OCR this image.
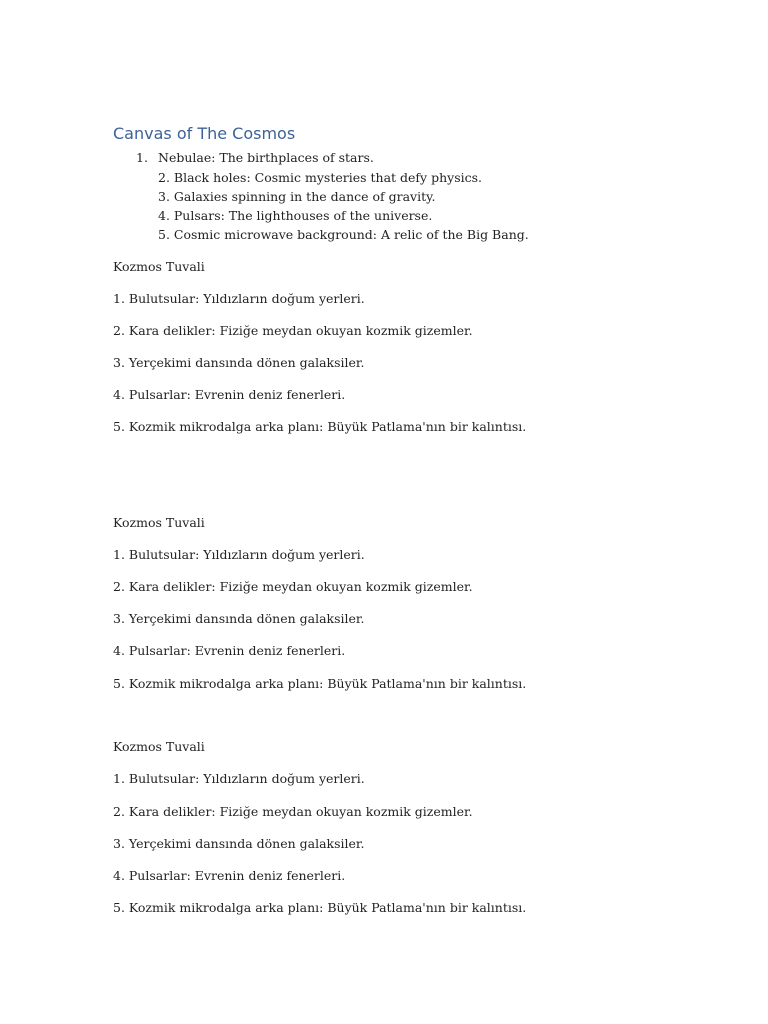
Canvas of The Cosmos
1. Nebulae: The birthplaces of stars.
2. Black holes: Cosmic mysteries that defy physics.
3. Galaxies spinning in the dance of gravity.
4. Pulsars: The lighthouses of the universe.
5. Cosmic microwave background: A relic of the Big Bang.
Kozmos Tuvali
1. Bulutsular: Yıldızların doğum yerleri.
2. Kara delikler: Fiziğe meydan okuyan kozmik gizemler.
3. Yerçekimi dansında dönen galaksiler.
4. Pulsarlar: Evrenin deniz fenerleri.
5. Kozmik mikrodalga arka planı: Büyük Patlama'nın bir kalıntısı.
Kozmos Tuvali
1. Bulutsular: Yıldızların doğum yerleri.
2. Kara delikler: Fiziğe meydan okuyan kozmik gizemler.
3. Yerçekimi dansında dönen galaksiler.
4. Pulsarlar: Evrenin deniz fenerleri.
5. Kozmik mikrodalga arka planı: Büyük Patlama'nın bir kalıntısı.
Kozmos Tuvali
1. Bulutsular: Yıldızların doğum yerleri.
2. Kara delikler: Fiziğe meydan okuyan kozmik gizemler.
3. Yerçekimi dansında dönen galaksiler.
4. Pulsarlar: Evrenin deniz fenerleri.
5. Kozmik mikrodalga arka planı: Büyük Patlama'nın bir kalıntısı.
